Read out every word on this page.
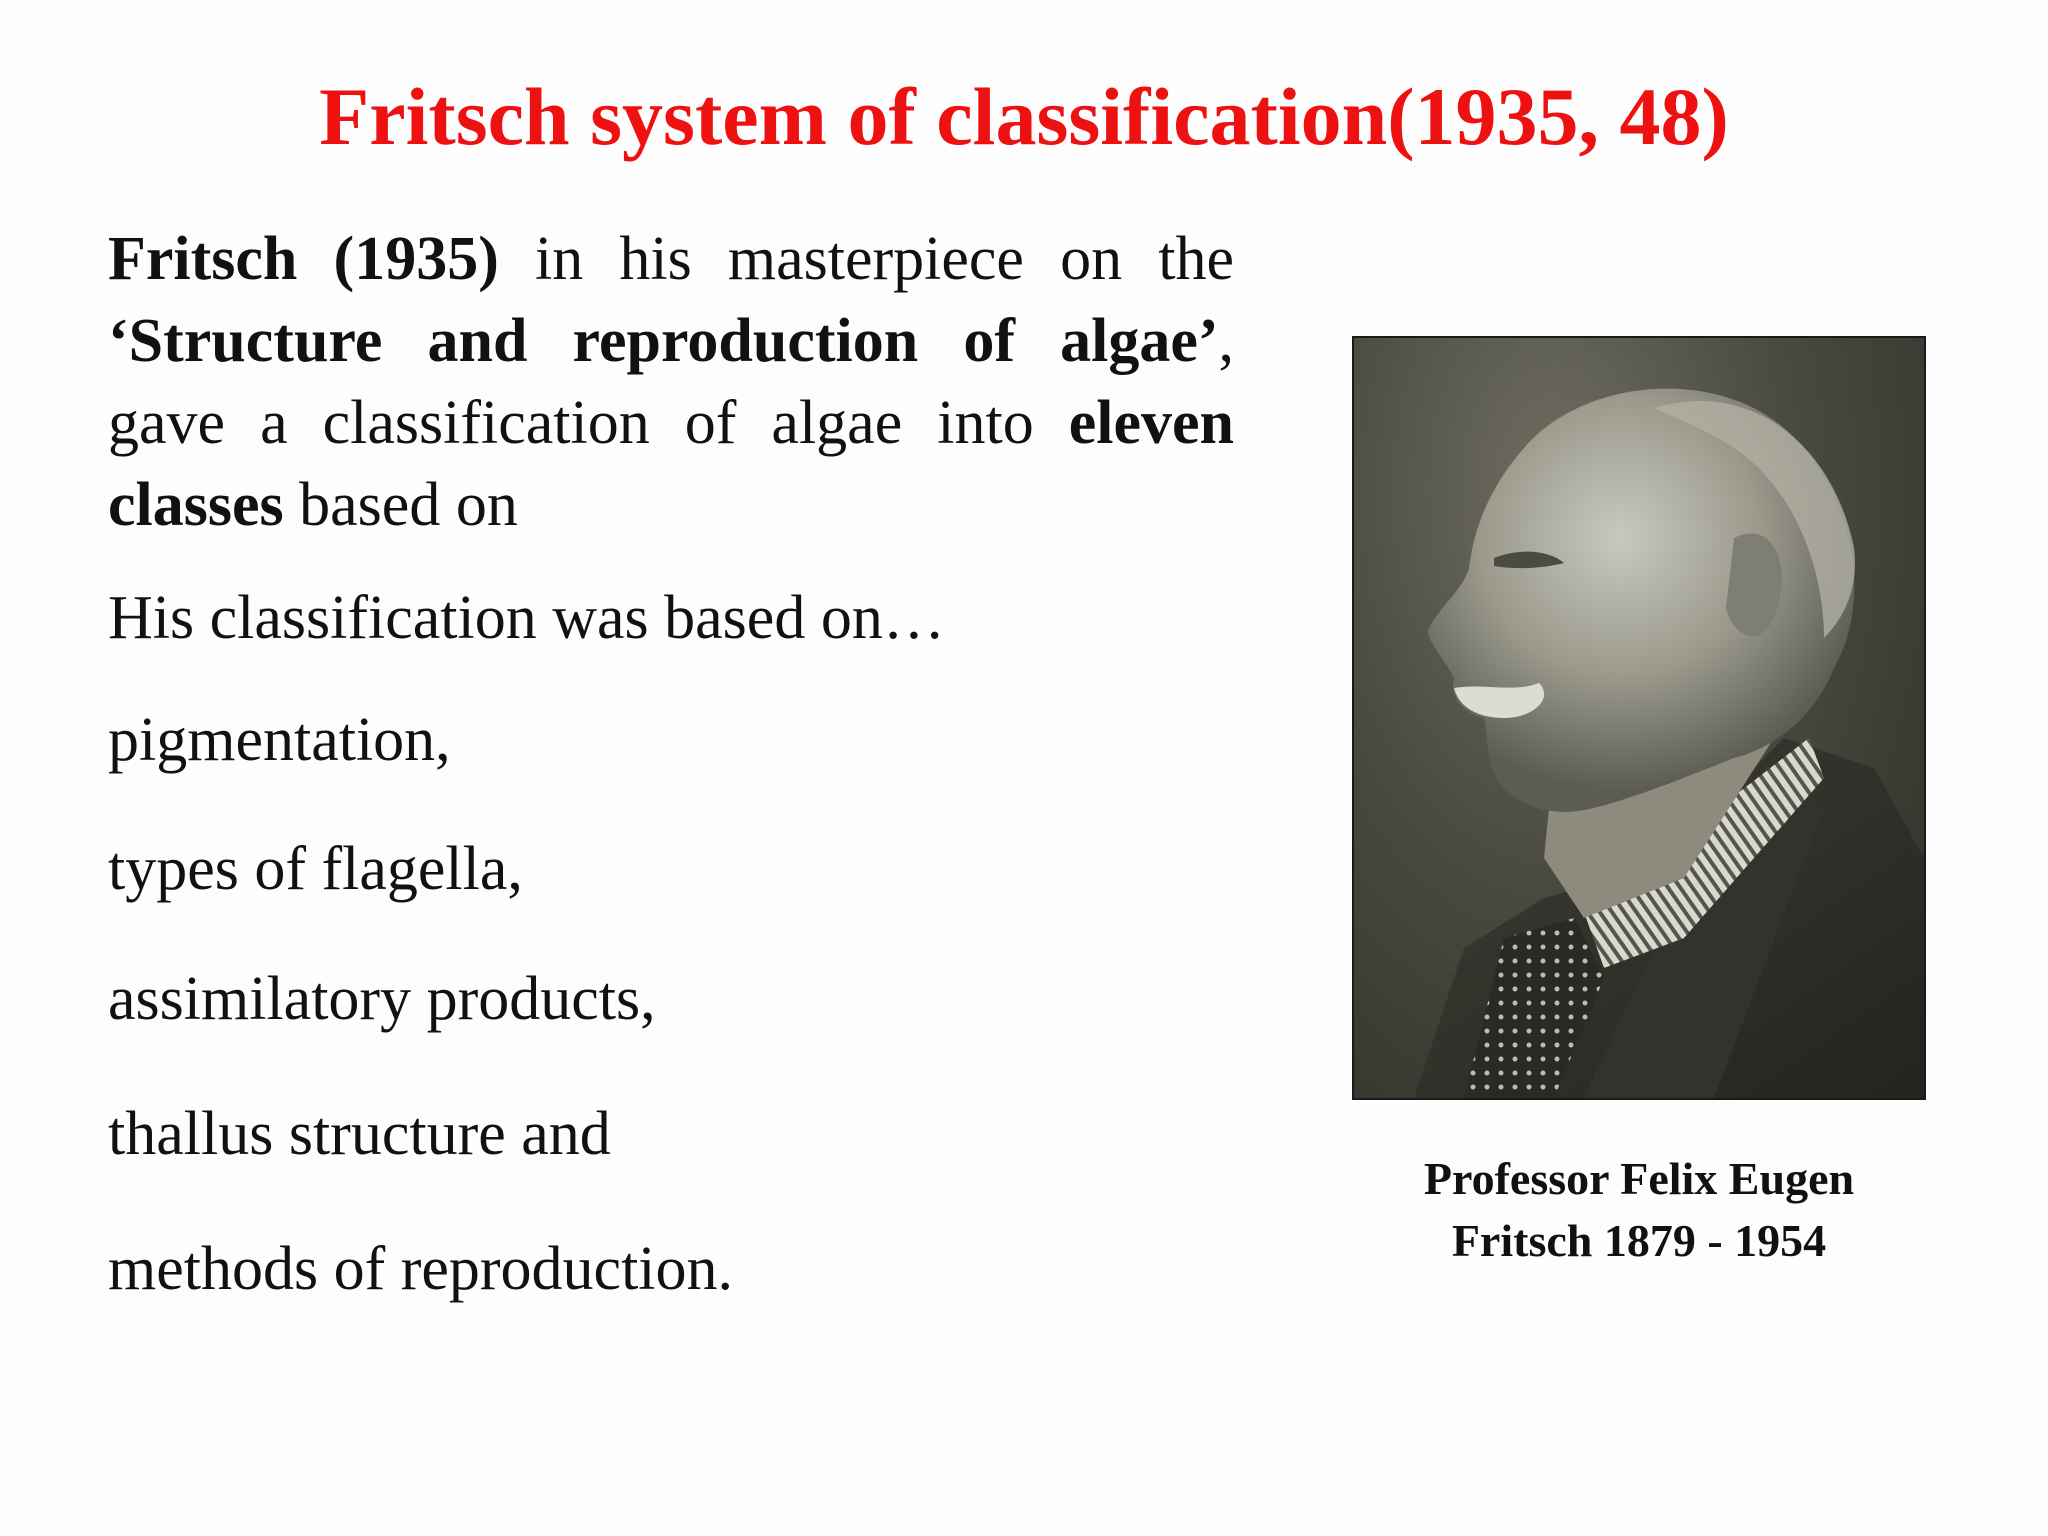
Fritsch system of classification(1935, 48)

Fritsch (1935) in his masterpiece on the ‘Structure and reproduction of algae’, gave a classification of algae into eleven classes based on

His classification was based on…

pigmentation,
types of flagella,
assimilatory products,
thallus structure and
methods of reproduction.

Professor Felix Eugen
Fritsch 1879 - 1954
